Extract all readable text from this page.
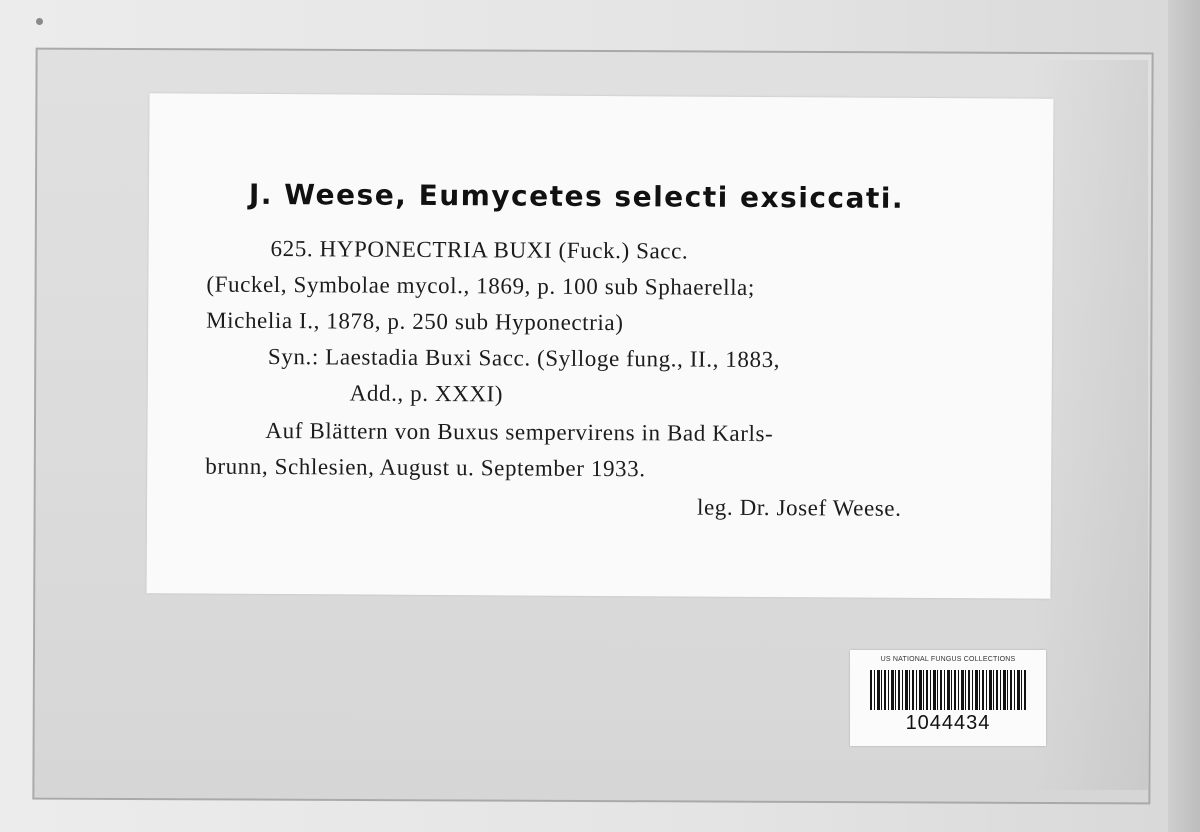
J. Weese, Eumycetes selecti exsiccati.
625. HYPONECTRIA BUXI (Fuck.) Sacc.
(Fuckel, Symbolae mycol., 1869, p. 100 sub Sphaerella;
Michelia I., 1878, p. 250 sub Hyponectria)
Syn.: Laestadia Buxi Sacc. (Sylloge fung., II., 1883,
Add., p. XXXI)
Auf Blättern von Buxus sempervirens in Bad Karls-
brunn, Schlesien, August u. September 1933.
leg. Dr. Josef Weese.
US NATIONAL FUNGUS COLLECTIONS
1044434
